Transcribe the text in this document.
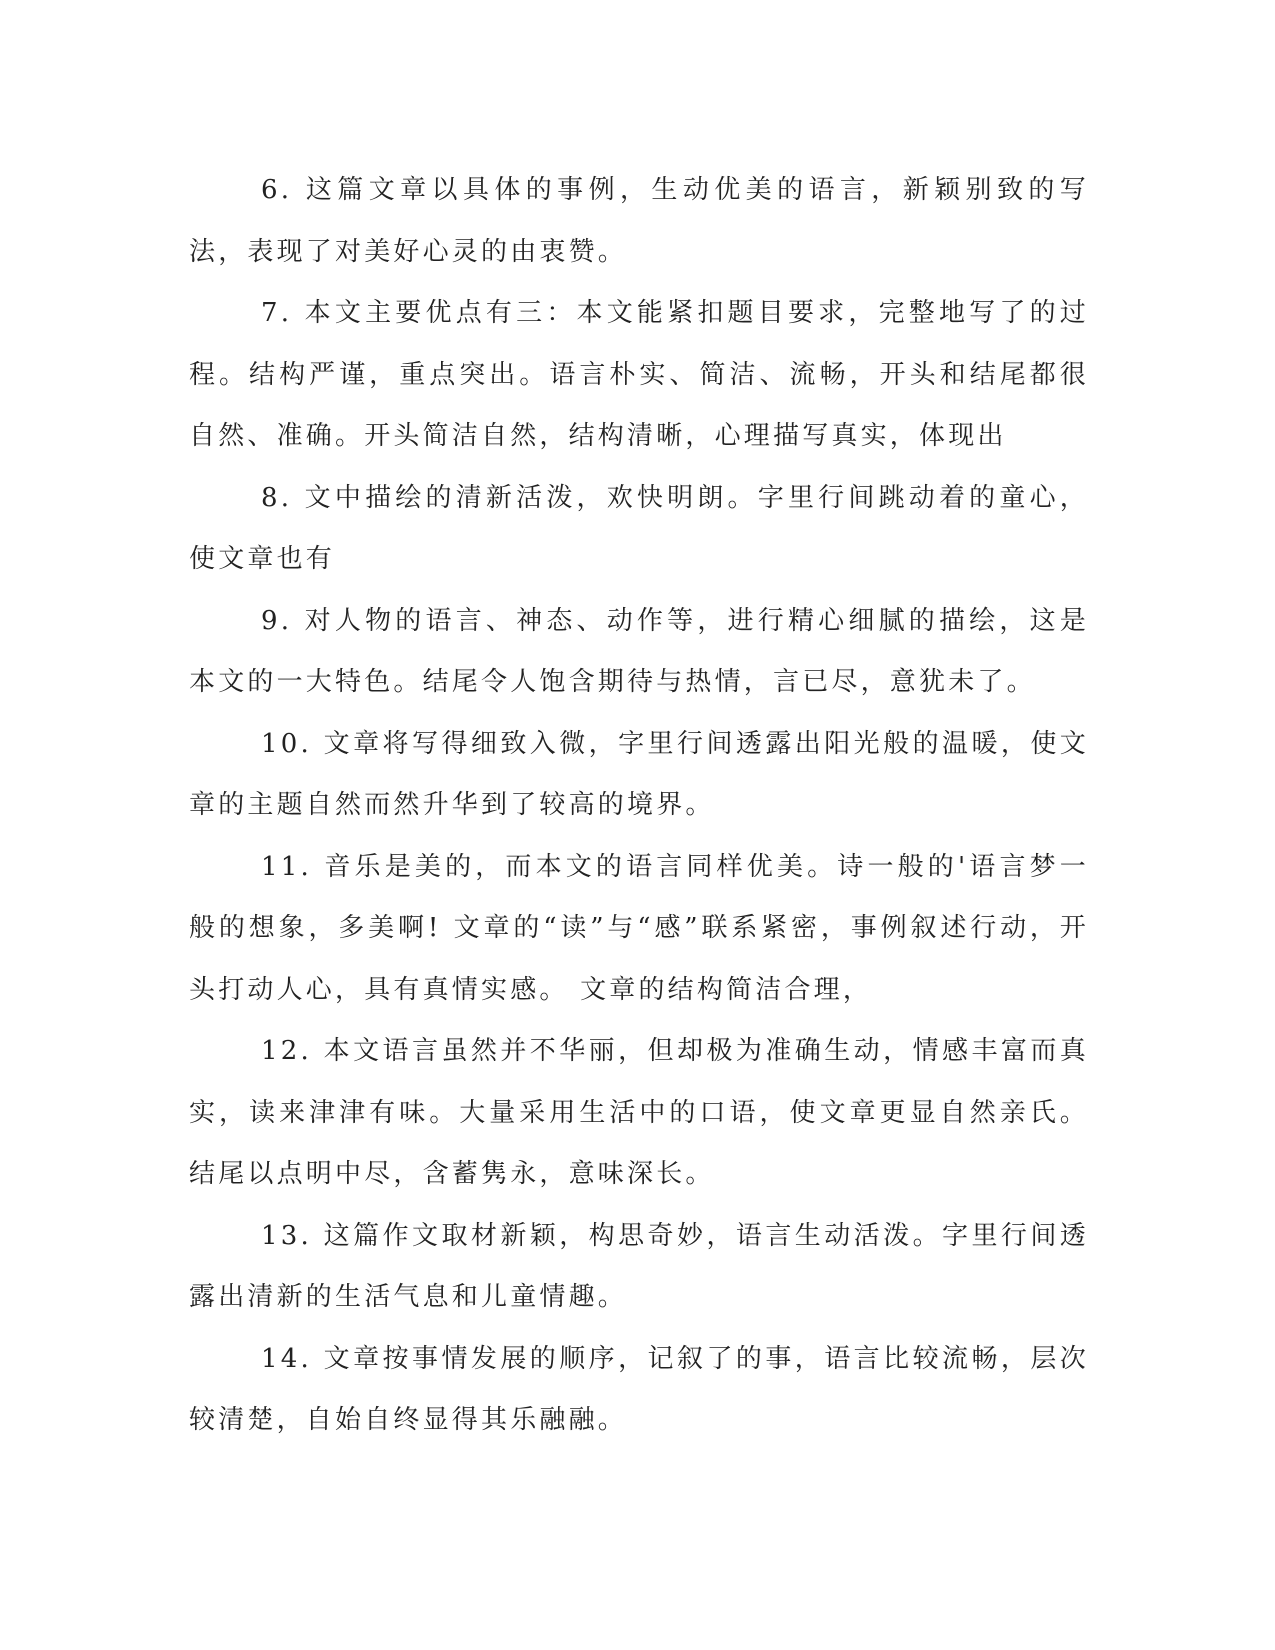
6. 这篇文章以具体的事例，生动优美的语言，新颖别致的写法，表现了对美好心灵的由衷赞。

7. 本文主要优点有三：本文能紧扣题目要求，完整地写了的过程。结构严谨，重点突出。语言朴实、简洁、流畅，开头和结尾都很自然、准确。开头简洁自然，结构清晰，心理描写真实，体现出

8. 文中描绘的清新活泼，欢快明朗。字里行间跳动着的童心，使文章也有

9. 对人物的语言、神态、动作等，进行精心细腻的描绘，这是本文的一大特色。结尾令人饱含期待与热情，言已尽，意犹未了。

10. 文章将写得细致入微，字里行间透露出阳光般的温暖，使文章的主题自然而然升华到了较高的境界。

11. 音乐是美的，而本文的语言同样优美。诗一般的'语言梦一般的想象，多美啊! 文章的“读”与“感”联系紧密，事例叙述行动，开头打动人心，具有真情实感。 文章的结构简洁合理，

12. 本文语言虽然并不华丽，但却极为准确生动，情感丰富而真实，读来津津有味。大量采用生活中的口语，使文章更显自然亲氏。结尾以点明中尽，含蓄隽永，意味深长。

13. 这篇作文取材新颖，构思奇妙，语言生动活泼。字里行间透露出清新的生活气息和儿童情趣。

14. 文章按事情发展的顺序，记叙了的事，语言比较流畅，层次较清楚，自始自终显得其乐融融。
